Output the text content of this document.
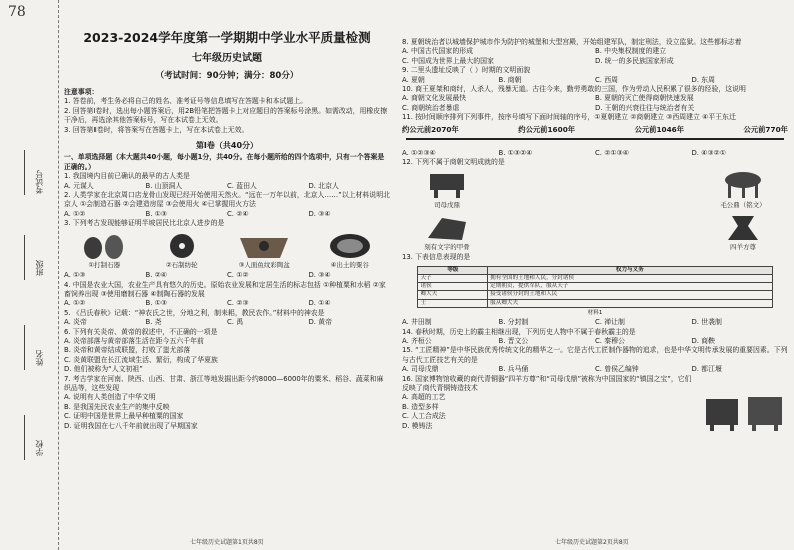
78
考试号
班级
姓名
学校
2023-2024学年度第一学期期中学业水平质量检测
七年级历史试题
（考试时间：90分钟；满分：80分）
注意事项：

1. 答卷前，考生务必将自己的姓名、准考证号等信息填写在答题卡和本试题上。

2. 回答第Ⅰ卷时，选出每小题答案后，用2B铅笔把答题卡上对应题目的答案标号涂黑。如需改动，用橡皮擦干净后，再选涂其他答案标号，写在本试卷上无效。

3. 回答第Ⅱ卷时，将答案写在答题卡上，写在本试卷上无效。

第Ⅰ卷（共40分）
一、单项选择题（本大题共40小题，每小题1分，共40分。在每小题所给的四个选项中，只有一个答案是正确的。）
1. 我国境内目前已确认的最早的古人类是
A. 元谋人	B. 山顶洞人	C. 蓝田人	D. 北京人
2. 人类学家在北京周口店龙骨山发现已经开始使用天然火。“远在一万年以前，北京人……”以上材料说明北京人 ①会制造石器 ②会建造房屋 ③会使用火 ④已掌握用火方法
A. ①②	B. ①③	C. ②④	D. ③④
3. 下列考古发现能够证明半坡居民比北京人进步的是
①打制石器	②石制纺轮	③人面鱼纹彩陶盆	④出土的粟谷
A. ①③	B. ②④	C. ①②	D. ③④
4. 中国是农业大国，农业生产具有悠久的历史。原始农业发展和定居生活的标志包括 ①种植粟和水稻 ②家畜饲养出现 ③使用磨制石器 ④制陶石器的发展
A. ①②	B. ①③	C. ②③	D. ①④
5. 《吕氏春秋》记载：“神农氏之世，分地之利，制耒耜，教民农作。”材料中的神农是
A. 炎帝	B. 尧	C. 禹	D. 黄帝
6. 下列有关炎帝、黄帝的叙述中，不正确的一项是
A. 炎帝部落与黄帝部落生活在距今五六千年前
B. 炎帝和黄帝结成联盟，打败了蚩尤部落
C. 炎黄联盟在长江流域生活、繁衍，构成了华夏族
D. 他们被称为“人文初祖”
7. 考古学家在河南、陕西、山西、甘肃、浙江等地发掘出距今约8000—6000年的粟米、稻谷、蔬菜和麻织品等，这些发现
A. 说明有人类创造了中华文明
B. 是我国先民农业生产的集中反映
C. 证明中国是世界上最早种植粟的国家
D. 证明我国在七八千年前就出现了早期国家
七年级历史试题第1页共8页
8. 夏朝统治者以城墙保护城市作为防护的城堡和大型宫殿，开始组建军队，制定刑法，设立监狱。这些都标志着
A. 中国古代国家的形成	B. 中央集权制度的建立
C. 中国成为世界上最大的国家	D. 统一的多民族国家形成
9. 二里头遗址反映了（ ）时期的文明面貌
A. 夏朝	B. 商朝	C. 西周	D. 东周
10. 商王夏桀和商纣，人杀人，残暴无道。古往今来，勤劳勇敢的三国，作为劳动人民积累了很多的经验，这说明
A. 商朝文化发展最快	B. 夏朝的灭亡使得商朝快速发展
C. 商朝统治者暴虐	D. 王朝的兴衰往往与统治者有关
11. 按时间顺序排列下列事件，按序号填写下面时间轴的序号，①夏朝建立 ②商朝建立 ③西周建立 ④平王东迁
约公元前2070年	约公元前1600年	公元前1046年	公元前770年
A. ①②③④	B. ①③②④	C. ②①③④	D. ④③②①
12. 下列不属于商朝文明成就的是
司母戊鼎	毛公鼎（铭文）
刻有文字的甲骨	四羊方尊
13. 下表信息表现的是
等级	权力与义务
天子	拥有全国的土地和人民，分封诸侯
诸侯	定期朝贡，提供军队，服从天子
卿大夫	接受诸侯分封的土地和人民
士	服从卿大夫
材料1
A. 井田制	B. 分封制	C. 禅让制	D. 世袭制
14. 春秋时期，历史上的霸主相继出现，下列历史人物中不属于春秋霸主的是
A. 齐桓公	B. 晋文公	C. 秦穆公	D. 商鞅
15. “工匠精神”是中华民族优秀传统文化的精华之一。它是古代工匠制作器物的追求，也是中华文明传承发展的重要因素。下列与古代工匠技艺有关的是
A. 司母戊鼎	B. 兵马俑	C. 曾侯乙编钟	D. 都江堰
16. 国家博物馆收藏的商代青铜器“四羊方尊”和“司母戊鼎”被称为中国国家的“镇国之宝”，它们反映了商代青铜铸造技术
A. 高超的工艺
B. 造型多样
C. 人工合成法
D. 模铸法
七年级历史试题第2页共8页
